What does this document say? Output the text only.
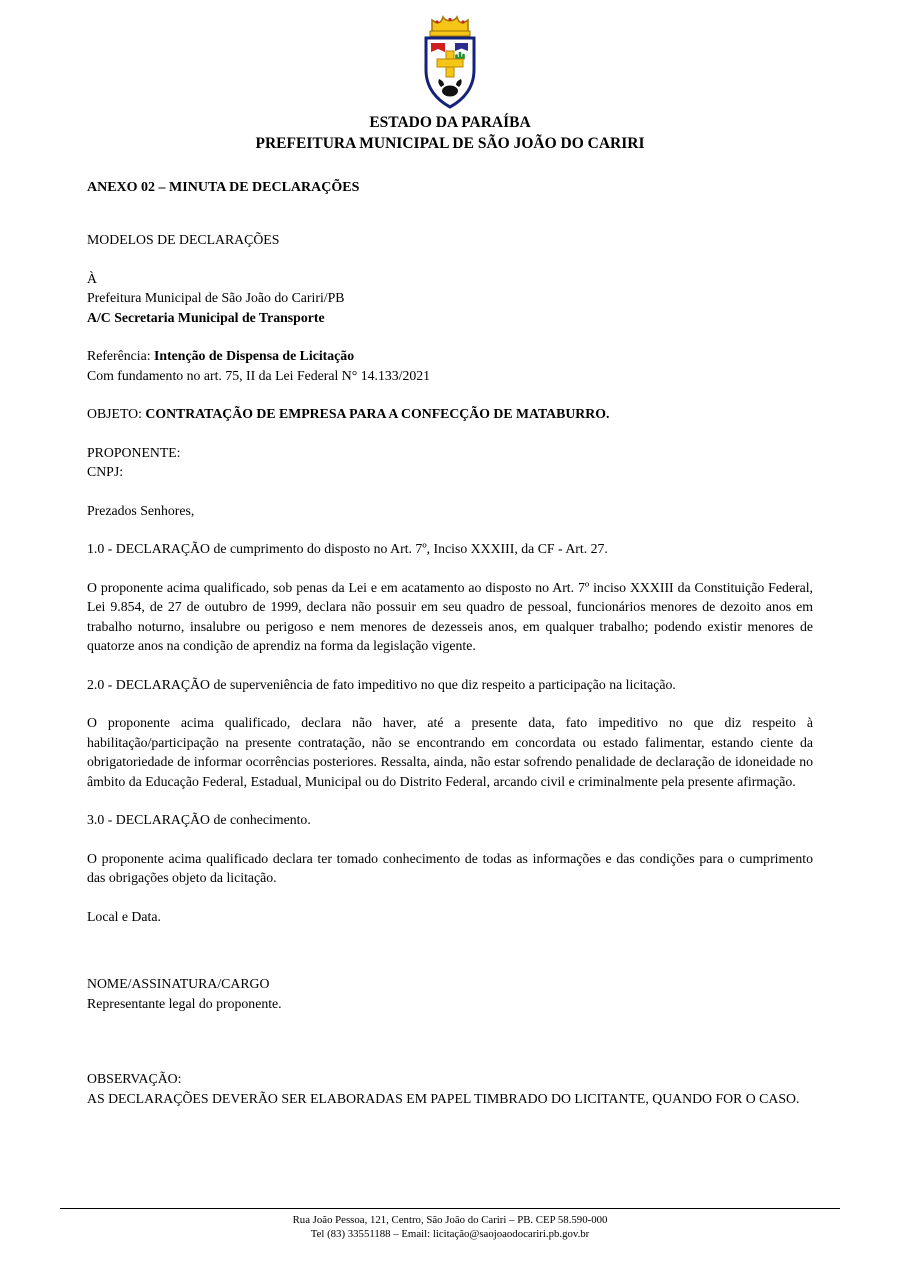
ESTADO DA PARAÍBA
PREFEITURA MUNICIPAL DE SÃO JOÃO DO CARIRI

ANEXO 02 – MINUTA DE DECLARAÇÕES

MODELOS DE DECLARAÇÕES

À
Prefeitura Municipal de São João do Cariri/PB
A/C Secretaria Municipal de Transporte
Referência: Intenção de Dispensa de Licitação
Com fundamento no art. 75, II da Lei Federal N° 14.133/2021

OBJETO: CONTRATAÇÃO DE EMPRESA PARA A CONFECÇÃO DE MATABURRO.

PROPONENTE:
CNPJ:

Prezados Senhores,

1.0 - DECLARAÇÃO de cumprimento do disposto no Art. 7º, Inciso XXXIII, da CF - Art. 27.

O proponente acima qualificado, sob penas da Lei e em acatamento ao disposto no Art. 7º inciso XXXIII da Constituição Federal, Lei 9.854, de 27 de outubro de 1999, declara não possuir em seu quadro de pessoal, funcionários menores de dezoito anos em trabalho noturno, insalubre ou perigoso e nem menores de dezesseis anos, em qualquer trabalho; podendo existir menores de quatorze anos na condição de aprendiz na forma da legislação vigente.

2.0 - DECLARAÇÃO de superveniência de fato impeditivo no que diz respeito a participação na licitação.

O proponente acima qualificado, declara não haver, até a presente data, fato impeditivo no que diz respeito à habilitação/participação na presente contratação, não se encontrando em concordata ou estado falimentar, estando ciente da obrigatoriedade de informar ocorrências posteriores. Ressalta, ainda, não estar sofrendo penalidade de declaração de idoneidade no âmbito da Educação Federal, Estadual, Municipal ou do Distrito Federal, arcando civil e criminalmente pela presente afirmação.

3.0 - DECLARAÇÃO de conhecimento.

O proponente acima qualificado declara ter tomado conhecimento de todas as informações e das condições para o cumprimento das obrigações objeto da licitação.

Local e Data.

NOME/ASSINATURA/CARGO
Representante legal do proponente.
OBSERVAÇÃO:
AS DECLARAÇÕES DEVERÃO SER ELABORADAS EM PAPEL TIMBRADO DO LICITANTE, QUANDO FOR O CASO.
Rua João Pessoa, 121, Centro, São João do Cariri – PB. CEP 58.590-000
Tel (83) 33551188 – Email: licitação@saojoaodocariri.pb.gov.br
